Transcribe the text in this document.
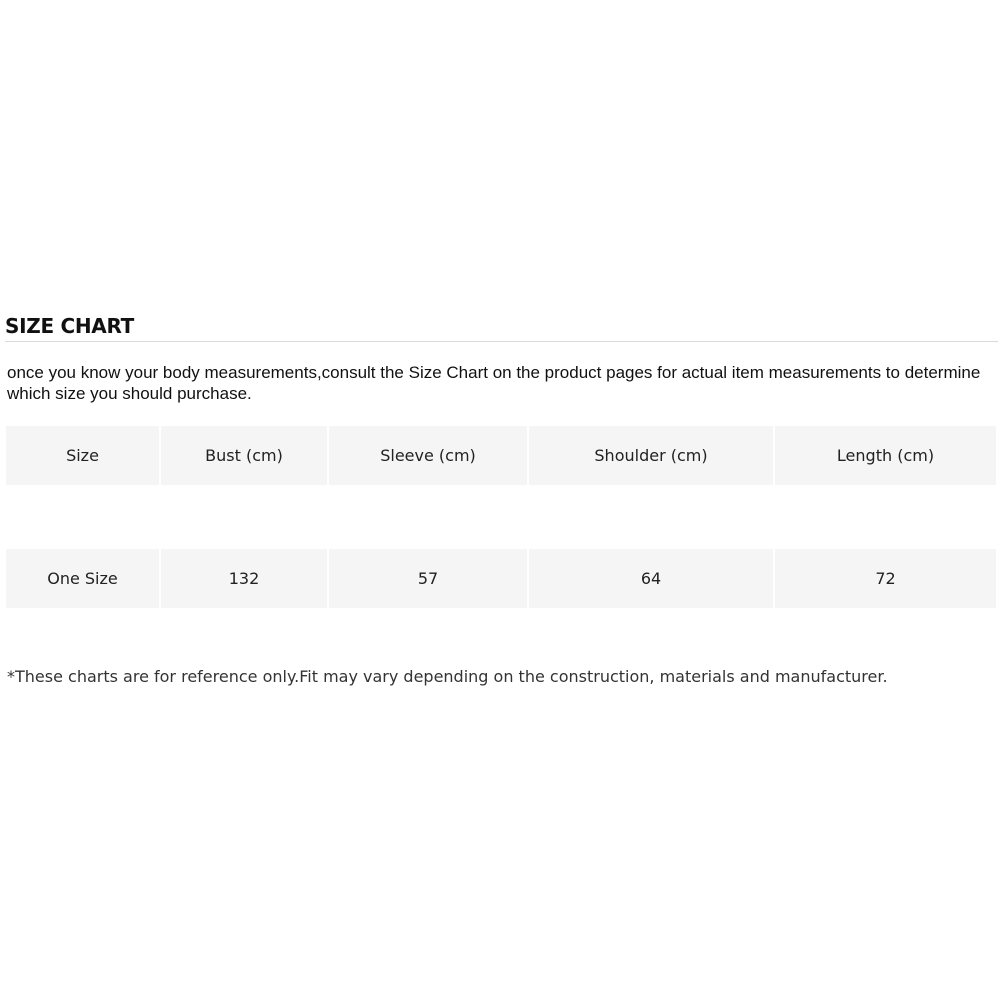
SIZE CHART

once you know your body measurements,consult the Size Chart on the product pages for actual item measurements to determine which size you should purchase.

Size	Bust (cm)	Sleeve (cm)	Shoulder (cm)	Length (cm)
One Size	132	57	64	72

*These charts are for reference only.Fit may vary depending on the construction, materials and manufacturer.
